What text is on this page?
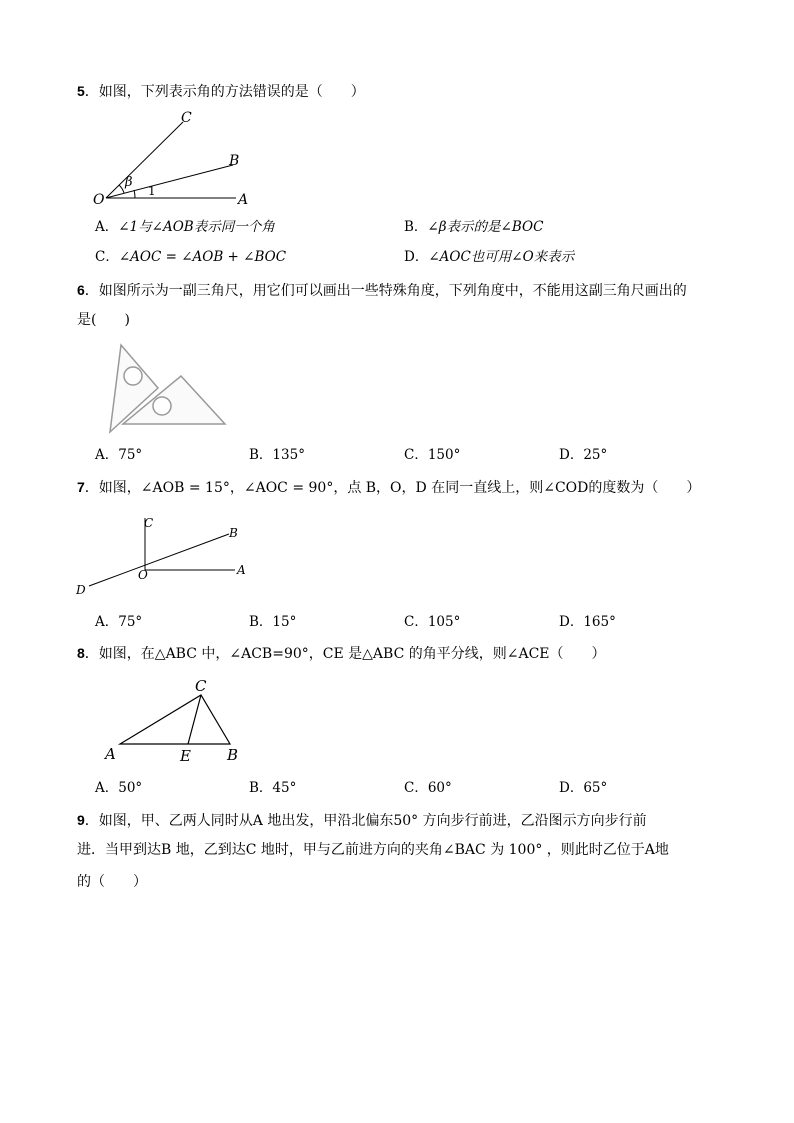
5．如图，下列表示角的方法错误的是（　　）
C
B
O	A
β
1
A．∠1与∠AOB表示同一个角	B．∠β表示的是∠BOC
C．∠AOC = ∠AOB + ∠BOC	D．∠AOC也可用∠O来表示
6．如图所示为一副三角尺，用它们可以画出一些特殊角度，下列角度中，不能用这副三角尺画出的
是(　　)
A．75°	B．135°	C．150°	D．25°
7．如图，∠AOB = 15°，∠AOC = 90°，点 B，O，D 在同一直线上，则∠COD的度数为（　　）
C
B
O	A
D
A．75°	B．15°	C．105°	D．165°
8．如图，在△ABC 中，∠ACB=90°，CE 是△ABC 的角平分线，则∠ACE（　　）
C
A	E B
A．50°	B．45°	C．60°	D．65°
9．如图，甲、乙两人同时从A 地出发，甲沿北偏东50° 方向步行前进，乙沿图示方向步行前
进．当甲到达B 地，乙到达C 地时，甲与乙前进方向的夹角∠BAC 为 100° ，则此时乙位于A地
的（　　）
